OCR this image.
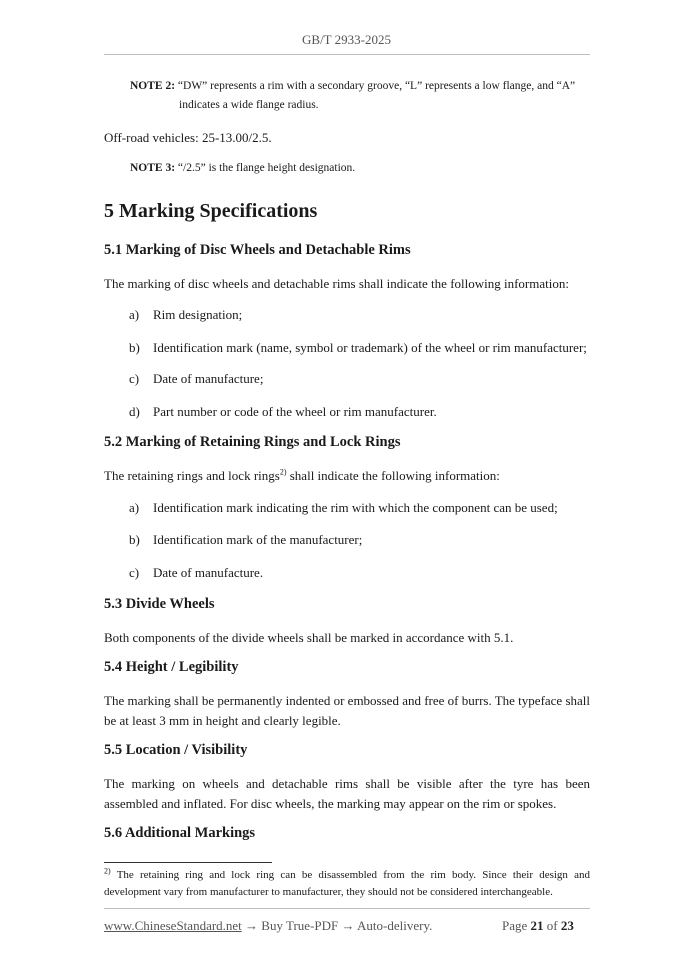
GB/T 2933-2025
NOTE 2: “DW” represents a rim with a secondary groove, “L” represents a low flange, and “A”
indicates a wide flange radius.
Off-road vehicles: 25-13.00/2.5.
NOTE 3: “/2.5” is the flange height designation.
5 Marking Specifications
5.1 Marking of Disc Wheels and Detachable Rims
The marking of disc wheels and detachable rims shall indicate the following information:
a) Rim designation;
b) Identification mark (name, symbol or trademark) of the wheel or rim manufacturer;
c) Date of manufacture;
d) Part number or code of the wheel or rim manufacturer.
5.2 Marking of Retaining Rings and Lock Rings
The retaining rings and lock rings$^{2)}$ shall indicate the following information:
a) Identification mark indicating the rim with which the component can be used;
b) Identification mark of the manufacturer;
c) Date of manufacture.
5.3 Divide Wheels
Both components of the divide wheels shall be marked in accordance with 5.1.
5.4 Height / Legibility
The marking shall be permanently indented or embossed and free of burrs. The typeface shall be at least 3 mm in height and clearly legible.
5.5 Location / Visibility
The marking on wheels and detachable rims shall be visible after the tyre has been assembled and inflated. For disc wheels, the marking may appear on the rim or spokes.
5.6 Additional Markings
$^{2)}$ The retaining ring and lock ring can be disassembled from the rim body. Since their design and development vary from manufacturer to manufacturer, they should not be considered interchangeable.
www.ChineseStandard.net → Buy True-PDF → Auto-delivery.	Page 21 of 23
